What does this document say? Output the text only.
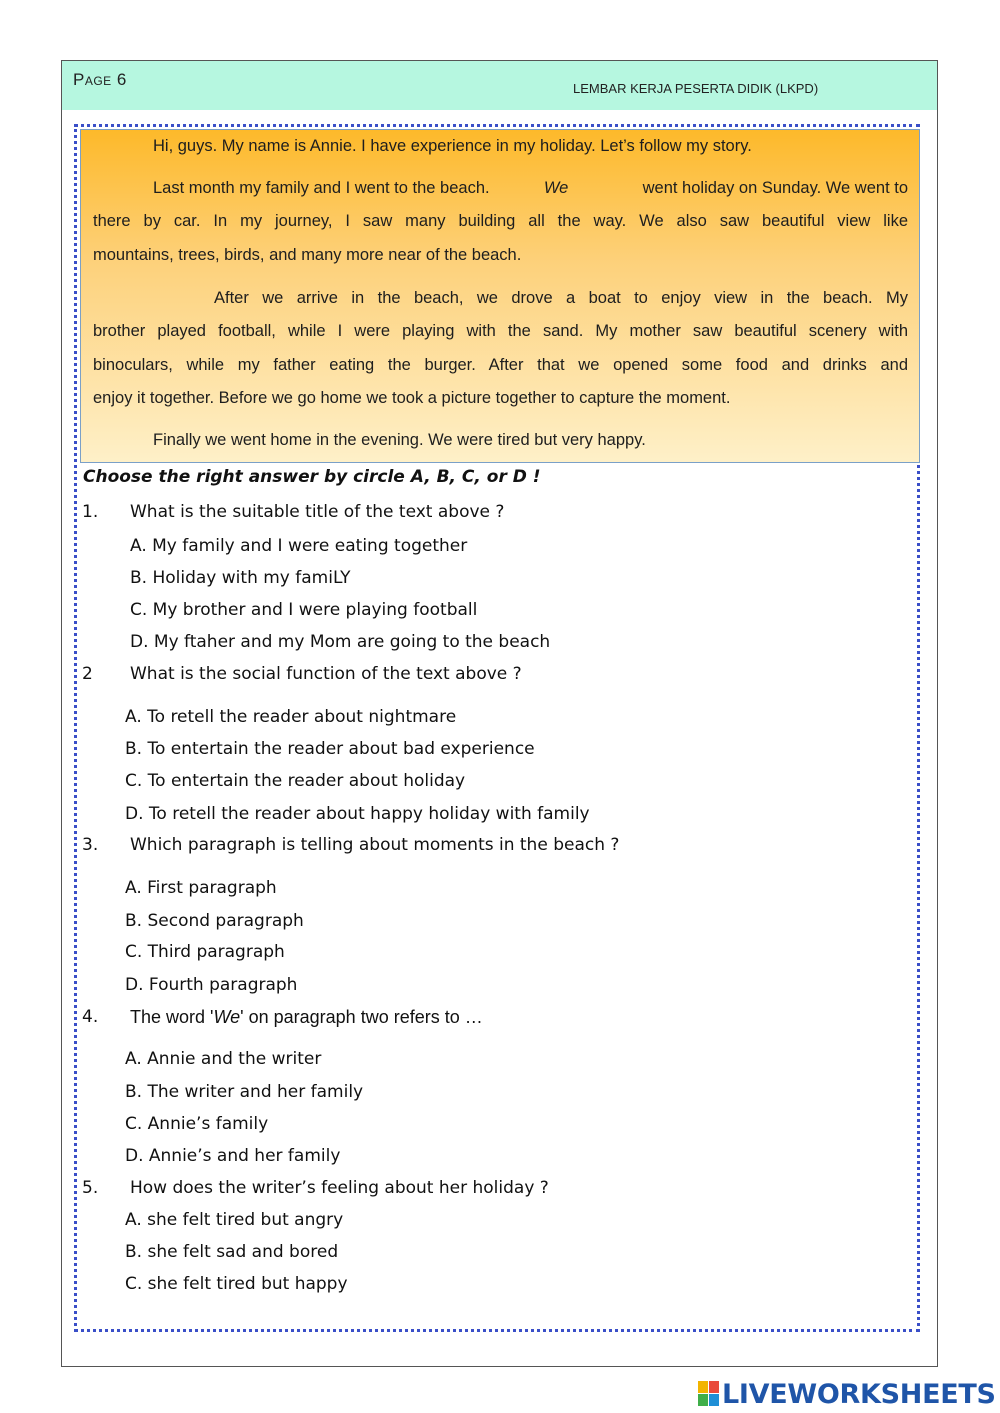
Page 6	LEMBAR KERJA PESERTA DIDIK (LKPD)
Hi, guys. My name is Annie. I have experience in my holiday. Let’s follow my story.
Last month my family and I went to the beach.	We	went holiday on Sunday. We went to
there by car. In my journey, I saw many building all the way. We also saw beautiful view like
mountains, trees, birds, and many more near of the beach.
After we arrive in the beach, we drove a boat to enjoy view in the beach. My
brother played football, while I were playing with the sand. My mother saw beautiful scenery with
binoculars, while my father eating the burger. After that we opened some food and drinks and
enjoy it together. Before we go home we took a picture together to capture the moment.
Finally we went home in the evening. We were tired but very happy.
Choose the right answer by circle A, B, C, or D !
1. What is the suitable title of the text above ?
A. My family and I were eating together
B. Holiday with my famiLY
C. My brother and I were playing football
D. My ftaher and my Mom are going to the beach
2 What is the social function of the text above ?
A. To retell the reader about nightmare
B. To entertain the reader about bad experience
C. To entertain the reader about holiday
D. To retell the reader about happy holiday with family
3. Which paragraph is telling about moments in the beach ?
A. First paragraph
B. Second paragraph
C. Third paragraph
D. Fourth paragraph
4. The word 'We' on paragraph two refers to …
A. Annie and the writer
B. The writer and her family
C. Annie’s family
D. Annie’s and her family
5. How does the writer’s feeling about her holiday ?
A. she felt tired but angry
B. she felt sad and bored
C. she felt tired but happy
LIVEWORKSHEETS
